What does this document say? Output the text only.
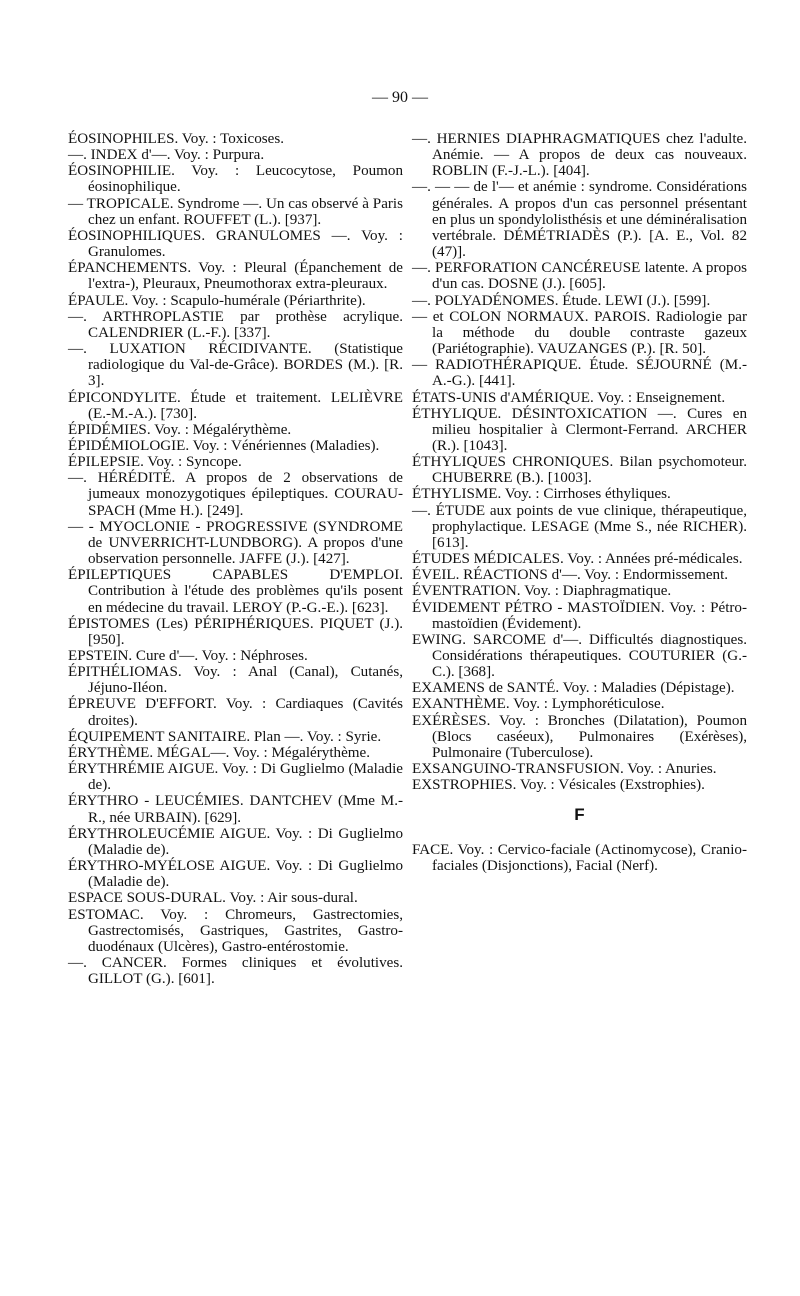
— 90 —

ÉOSINOPHILES. Voy. : Toxicoses.

—. INDEX d'—. Voy. : Purpura.

ÉOSINOPHILIE. Voy. : Leucocytose, Poumon éosinophilique.

— TROPICALE. Syndrome —. Un cas observé à Paris chez un enfant. ROUFFET (L.). [937].

ÉOSINOPHILIQUES. GRANULOMES —. Voy. : Granulomes.

ÉPANCHEMENTS. Voy. : Pleural (Épanchement de l'extra-), Pleuraux, Pneumothorax extra-pleuraux.

ÉPAULE. Voy. : Scapulo-humérale (Périarthrite).

—. ARTHROPLASTIE par prothèse acrylique. CALENDRIER (L.-F.). [337].

—. LUXATION RÉCIDIVANTE. (Statistique radiologique du Val-de-Grâce). BORDES (M.). [R. 3].

ÉPICONDYLITE. Étude et traitement. LELIÈVRE (E.-M.-A.). [730].

ÉPIDÉMIES. Voy. : Mégalérythème.

ÉPIDÉMIOLOGIE. Voy. : Vénériennes (Maladies).

ÉPILEPSIE. Voy. : Syncope.

—. HÉRÉDITÉ. A propos de 2 observations de jumeaux monozygotiques épileptiques. COURAU-SPACH (Mme H.). [249].

— - MYOCLONIE - PROGRESSIVE (SYNDROME de UNVERRICHT-LUNDBORG). A propos d'une observation personnelle. JAFFE (J.). [427].

ÉPILEPTIQUES CAPABLES D'EMPLOI. Contribution à l'étude des problèmes qu'ils posent en médecine du travail. LEROY (P.-G.-E.). [623].

ÉPISTOMES (Les) PÉRIPHÉRIQUES. PIQUET (J.). [950].

EPSTEIN. Cure d'—. Voy. : Néphroses.

ÉPITHÉLIOMAS. Voy. : Anal (Canal), Cutanés, Jéjuno-Iléon.

ÉPREUVE D'EFFORT. Voy. : Cardiaques (Cavités droites).

ÉQUIPEMENT SANITAIRE. Plan —. Voy. : Syrie.

ÉRYTHÈME. MÉGAL—. Voy. : Mégalérythème.

ÉRYTHRÉMIE AIGUE. Voy. : Di Guglielmo (Maladie de).

ÉRYTHRO - LEUCÉMIES. DANTCHEV (Mme M.-R., née URBAIN). [629].

ÉRYTHROLEUCÉMIE AIGUE. Voy. : Di Guglielmo (Maladie de).

ÉRYTHRO-MYÉLOSE AIGUE. Voy. : Di Guglielmo (Maladie de).

ESPACE SOUS-DURAL. Voy. : Air sous-dural.

ESTOMAC. Voy. : Chromeurs, Gastrectomies, Gastrectomisés, Gastriques, Gastrites, Gastro-duodénaux (Ulcères), Gastro-entérostomie.

—. CANCER. Formes cliniques et évolutives. GILLOT (G.). [601].

—. HERNIES DIAPHRAGMATIQUES chez l'adulte. Anémie. — A propos de deux cas nouveaux. ROBLIN (F.-J.-L.). [404].

—. — — de l'— et anémie : syndrome. Considérations générales. A propos d'un cas personnel présentant en plus un spondylolisthésis et une déminéralisation vertébrale. DÉMÉTRIADÈS (P.). [A. E., Vol. 82 (47)].

—. PERFORATION CANCÉREUSE latente. A propos d'un cas. DOSNE (J.). [605].

—. POLYADÉNOMES. Étude. LEWI (J.). [599].

— et COLON NORMAUX. PAROIS. Radiologie par la méthode du double contraste gazeux (Pariétographie). VAUZANGES (P.). [R. 50].

— RADIOTHÉRAPIQUE. Étude. SÉJOURNÉ (M.-A.-G.). [441].

ÉTATS-UNIS d'AMÉRIQUE. Voy. : Enseignement.

ÉTHYLIQUE. DÉSINTOXICATION —. Cures en milieu hospitalier à Clermont-Ferrand. ARCHER (R.). [1043].

ÉTHYLIQUES CHRONIQUES. Bilan psychomoteur. CHUBERRE (B.). [1003].

ÉTHYLISME. Voy. : Cirrhoses éthyliques.

—. ÉTUDE aux points de vue clinique, thérapeutique, prophylactique. LESAGE (Mme S., née RICHER). [613].

ÉTUDES MÉDICALES. Voy. : Années pré-médicales.

ÉVEIL. RÉACTIONS d'—. Voy. : Endormissement.

ÉVENTRATION. Voy. : Diaphragmatique.

ÉVIDEMENT PÉTRO - MASTOÏDIEN. Voy. : Pétro-mastoïdien (Évidement).

EWING. SARCOME d'—. Difficultés diagnostiques. Considérations thérapeutiques. COUTURIER (G.-C.). [368].

EXAMENS de SANTÉ. Voy. : Maladies (Dépistage).

EXANTHÈME. Voy. : Lymphoréticulose.

EXÉRÈSES. Voy. : Bronches (Dilatation), Poumon (Blocs caséeux), Pulmonaires (Exérèses), Pulmonaire (Tuberculose).

EXSANGUINO-TRANSFUSION. Voy. : Anuries.

EXSTROPHIES. Voy. : Vésicales (Exstrophies).

F

FACE. Voy. : Cervico-faciale (Actinomycose), Cranio-faciales (Disjonctions), Facial (Nerf).
